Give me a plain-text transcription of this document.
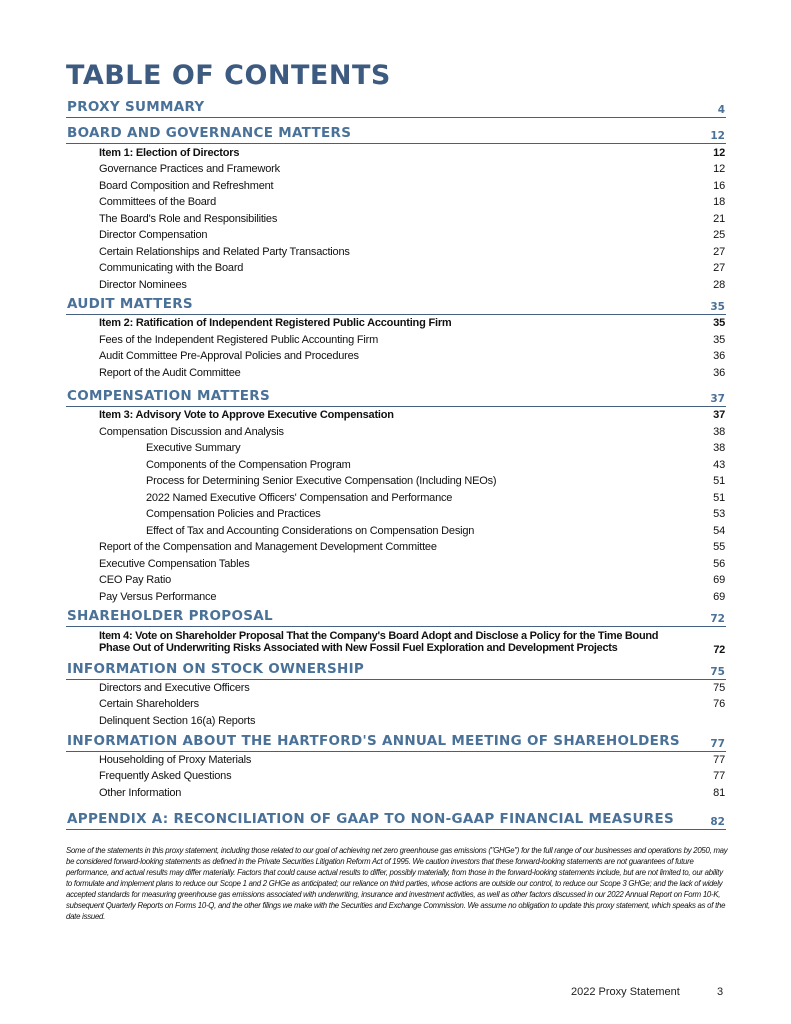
TABLE OF CONTENTS
PROXY SUMMARY	4
BOARD AND GOVERNANCE MATTERS	12
Item 1: Election of Directors	12
Governance Practices and Framework	12
Board Composition and Refreshment	16
Committees of the Board	18
The Board's Role and Responsibilities	21
Director Compensation	25
Certain Relationships and Related Party Transactions	27
Communicating with the Board	27
Director Nominees	28
AUDIT MATTERS	35
Item 2: Ratification of Independent Registered Public Accounting Firm	35
Fees of the Independent Registered Public Accounting Firm	35
Audit Committee Pre-Approval Policies and Procedures	36
Report of the Audit Committee	36
COMPENSATION MATTERS	37
Item 3: Advisory Vote to Approve Executive Compensation	37
Compensation Discussion and Analysis	38
Executive Summary	38
Components of the Compensation Program	43
Process for Determining Senior Executive Compensation (Including NEOs)	51
2022 Named Executive Officers' Compensation and Performance	51
Compensation Policies and Practices	53
Effect of Tax and Accounting Considerations on Compensation Design	54
Report of the Compensation and Management Development Committee	55
Executive Compensation Tables	56
CEO Pay Ratio	69
Pay Versus Performance	69
SHAREHOLDER PROPOSAL	72
Item 4: Vote on Shareholder Proposal That the Company's Board Adopt and Disclose a Policy for the Time Bound Phase Out of Underwriting Risks Associated with New Fossil Fuel Exploration and Development Projects	72
INFORMATION ON STOCK OWNERSHIP	75
Directors and Executive Officers	75
Certain Shareholders	76
Delinquent Section 16(a) Reports
INFORMATION ABOUT THE HARTFORD'S ANNUAL MEETING OF SHAREHOLDERS	77
Householding of Proxy Materials	77
Frequently Asked Questions	77
Other Information	81
APPENDIX A: RECONCILIATION OF GAAP TO NON-GAAP FINANCIAL MEASURES	82

Some of the statements in this proxy statement, including those related to our goal of achieving net zero greenhouse gas emissions ("GHGe") for the full range of our businesses and operations by 2050, may be considered forward-looking statements as defined in the Private Securities Litigation Reform Act of 1995. We caution investors that these forward-looking statements are not guarantees of future performance, and actual results may differ materially. Factors that could cause actual results to differ, possibly materially, from those in the forward-looking statements include, but are not limited to, our ability to formulate and implement plans to reduce our Scope 1 and 2 GHGe as anticipated; our reliance on third parties, whose actions are outside our control, to reduce our Scope 3 GHGe; and the lack of widely accepted standards for measuring greenhouse gas emissions associated with underwriting, insurance and investment activities, as well as other factors discussed in our 2022 Annual Report on Form 10-K, subsequent Quarterly Reports on Forms 10-Q, and the other filings we make with the Securities and Exchange Commission. We assume no obligation to update this proxy statement, which speaks as of the date issued.

2022 Proxy Statement	3
